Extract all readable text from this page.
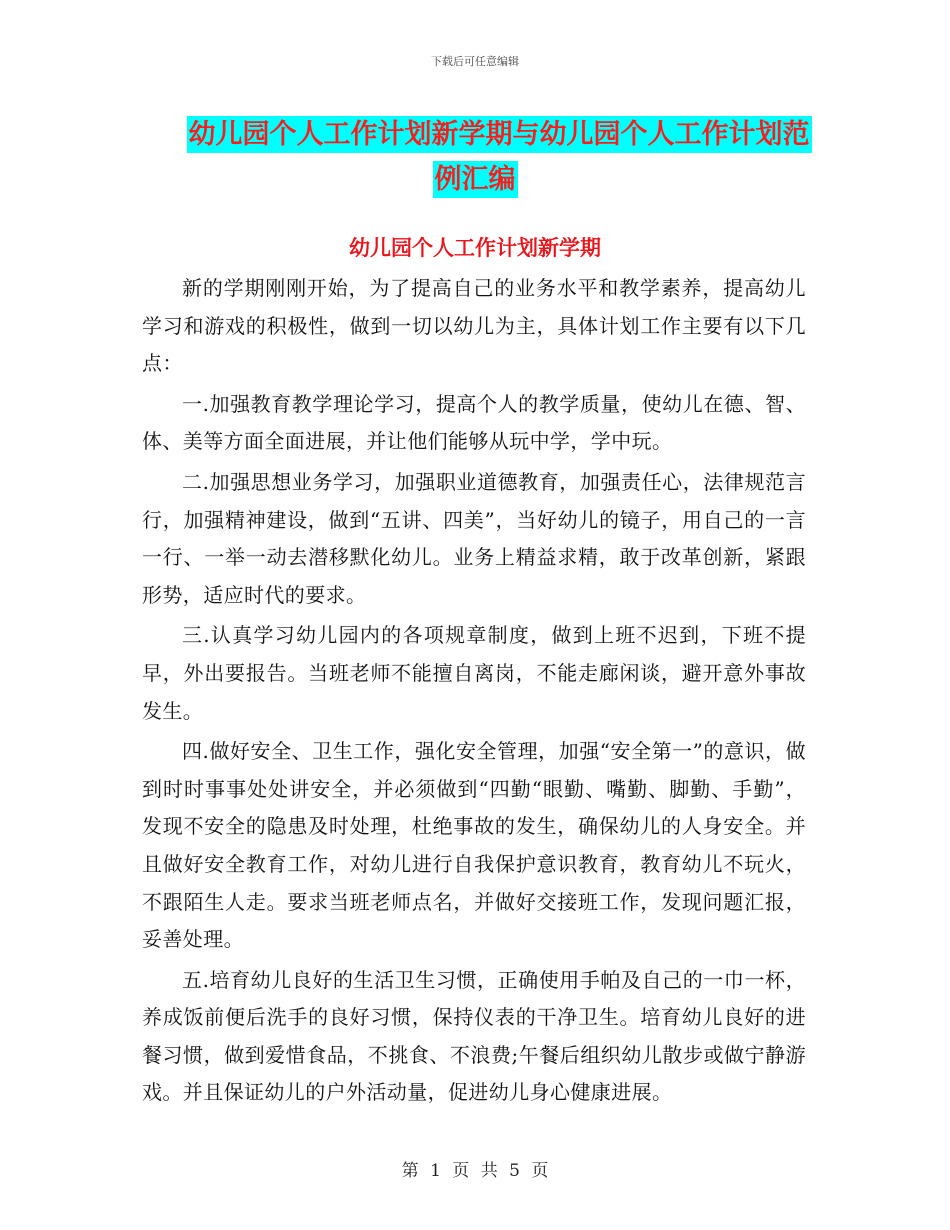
下载后可任意编辑
幼儿园个人工作计划新学期与幼儿园个人工作计划范
例汇编
幼儿园个人工作计划新学期

新的学期刚刚开始，为了提高自己的业务水平和教学素养，提高幼儿学习和游戏的积极性，做到一切以幼儿为主，具体计划工作主要有以下几点：

一.加强教育教学理论学习，提高个人的教学质量，使幼儿在德、智、体、美等方面全面进展，并让他们能够从玩中学，学中玩。

二.加强思想业务学习，加强职业道德教育，加强责任心，法律规范言行，加强精神建设，做到“五讲、四美”，当好幼儿的镜子，用自己的一言一行、一举一动去潜移默化幼儿。业务上精益求精，敢于改革创新，紧跟形势，适应时代的要求。

三.认真学习幼儿园内的各项规章制度，做到上班不迟到，下班不提早，外出要报告。当班老师不能擅自离岗，不能走廊闲谈，避开意外事故发生。

四.做好安全、卫生工作，强化安全管理，加强“安全第一”的意识，做到时时事事处处讲安全，并必须做到“四勤“眼勤、嘴勤、脚勤、手勤”，发现不安全的隐患及时处理，杜绝事故的发生，确保幼儿的人身安全。并且做好安全教育工作，对幼儿进行自我保护意识教育，教育幼儿不玩火，不跟陌生人走。要求当班老师点名，并做好交接班工作，发现问题汇报，妥善处理。

五.培育幼儿良好的生活卫生习惯，正确使用手帕及自己的一巾一杯，养成饭前便后洗手的良好习惯，保持仪表的干净卫生。培育幼儿良好的进餐习惯，做到爱惜食品，不挑食、不浪费;午餐后组织幼儿散步或做宁静游戏。并且保证幼儿的户外活动量，促进幼儿身心健康进展。

第 1 页 共 5 页
